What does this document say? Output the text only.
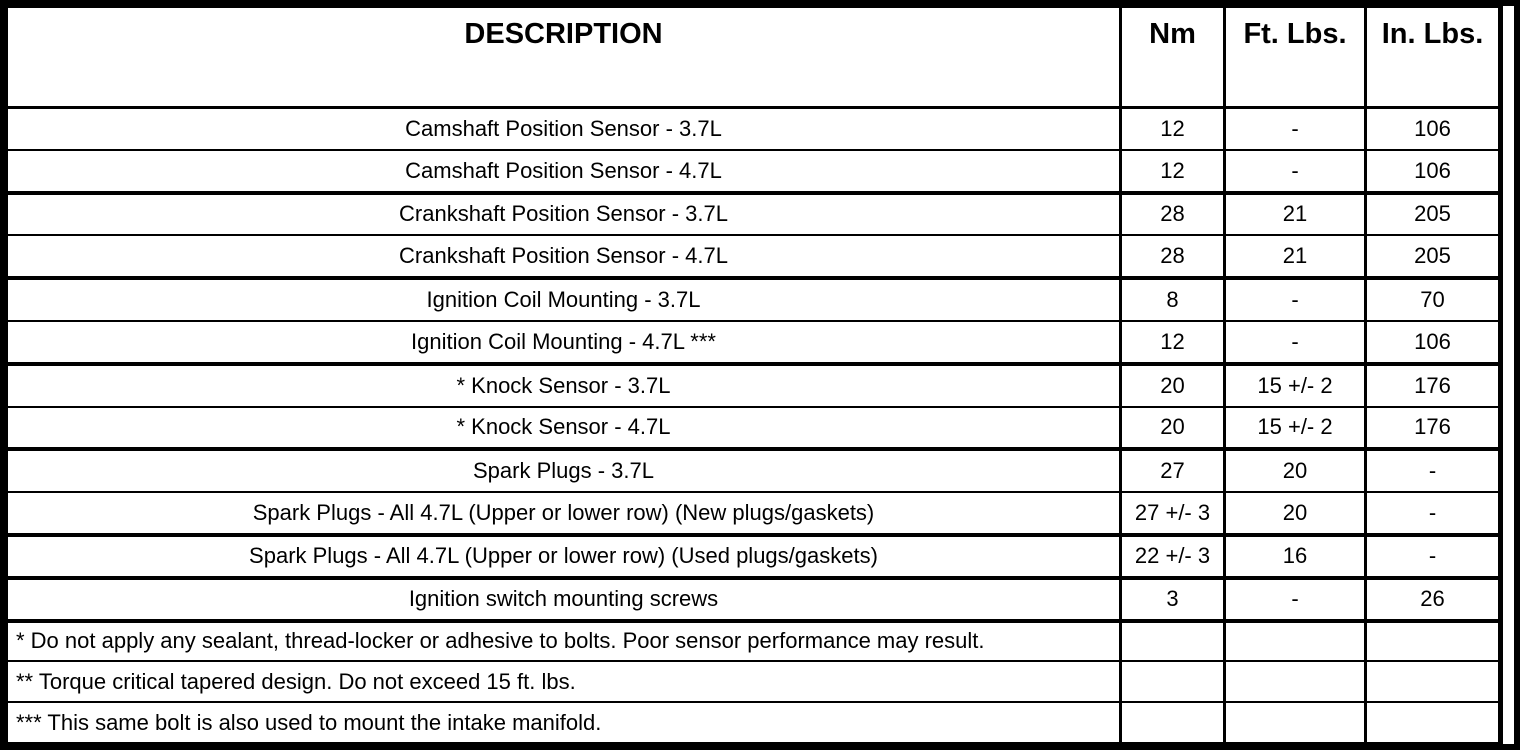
DESCRIPTION	Nm	Ft. Lbs.	In. Lbs.
Camshaft Position Sensor - 3.7L	12	-	106
Camshaft Position Sensor - 4.7L	12	-	106
Crankshaft Position Sensor - 3.7L	28	21	205
Crankshaft Position Sensor - 4.7L	28	21	205
Ignition Coil Mounting - 3.7L	8	-	70
Ignition Coil Mounting - 4.7L ***	12	-	106
* Knock Sensor - 3.7L	20	15 +/- 2	176
* Knock Sensor - 4.7L	20	15 +/- 2	176
Spark Plugs - 3.7L	27	20	-
Spark Plugs - All 4.7L (Upper or lower row) (New plugs/gaskets)	27 +/- 3	20	-
Spark Plugs - All 4.7L (Upper or lower row) (Used plugs/gaskets)	22 +/- 3	16	-
Ignition switch mounting screws	3	-	26
* Do not apply any sealant, thread-locker or adhesive to bolts. Poor sensor performance may result.			
** Torque critical tapered design. Do not exceed 15 ft. lbs.			
*** This same bolt is also used to mount the intake manifold.			
